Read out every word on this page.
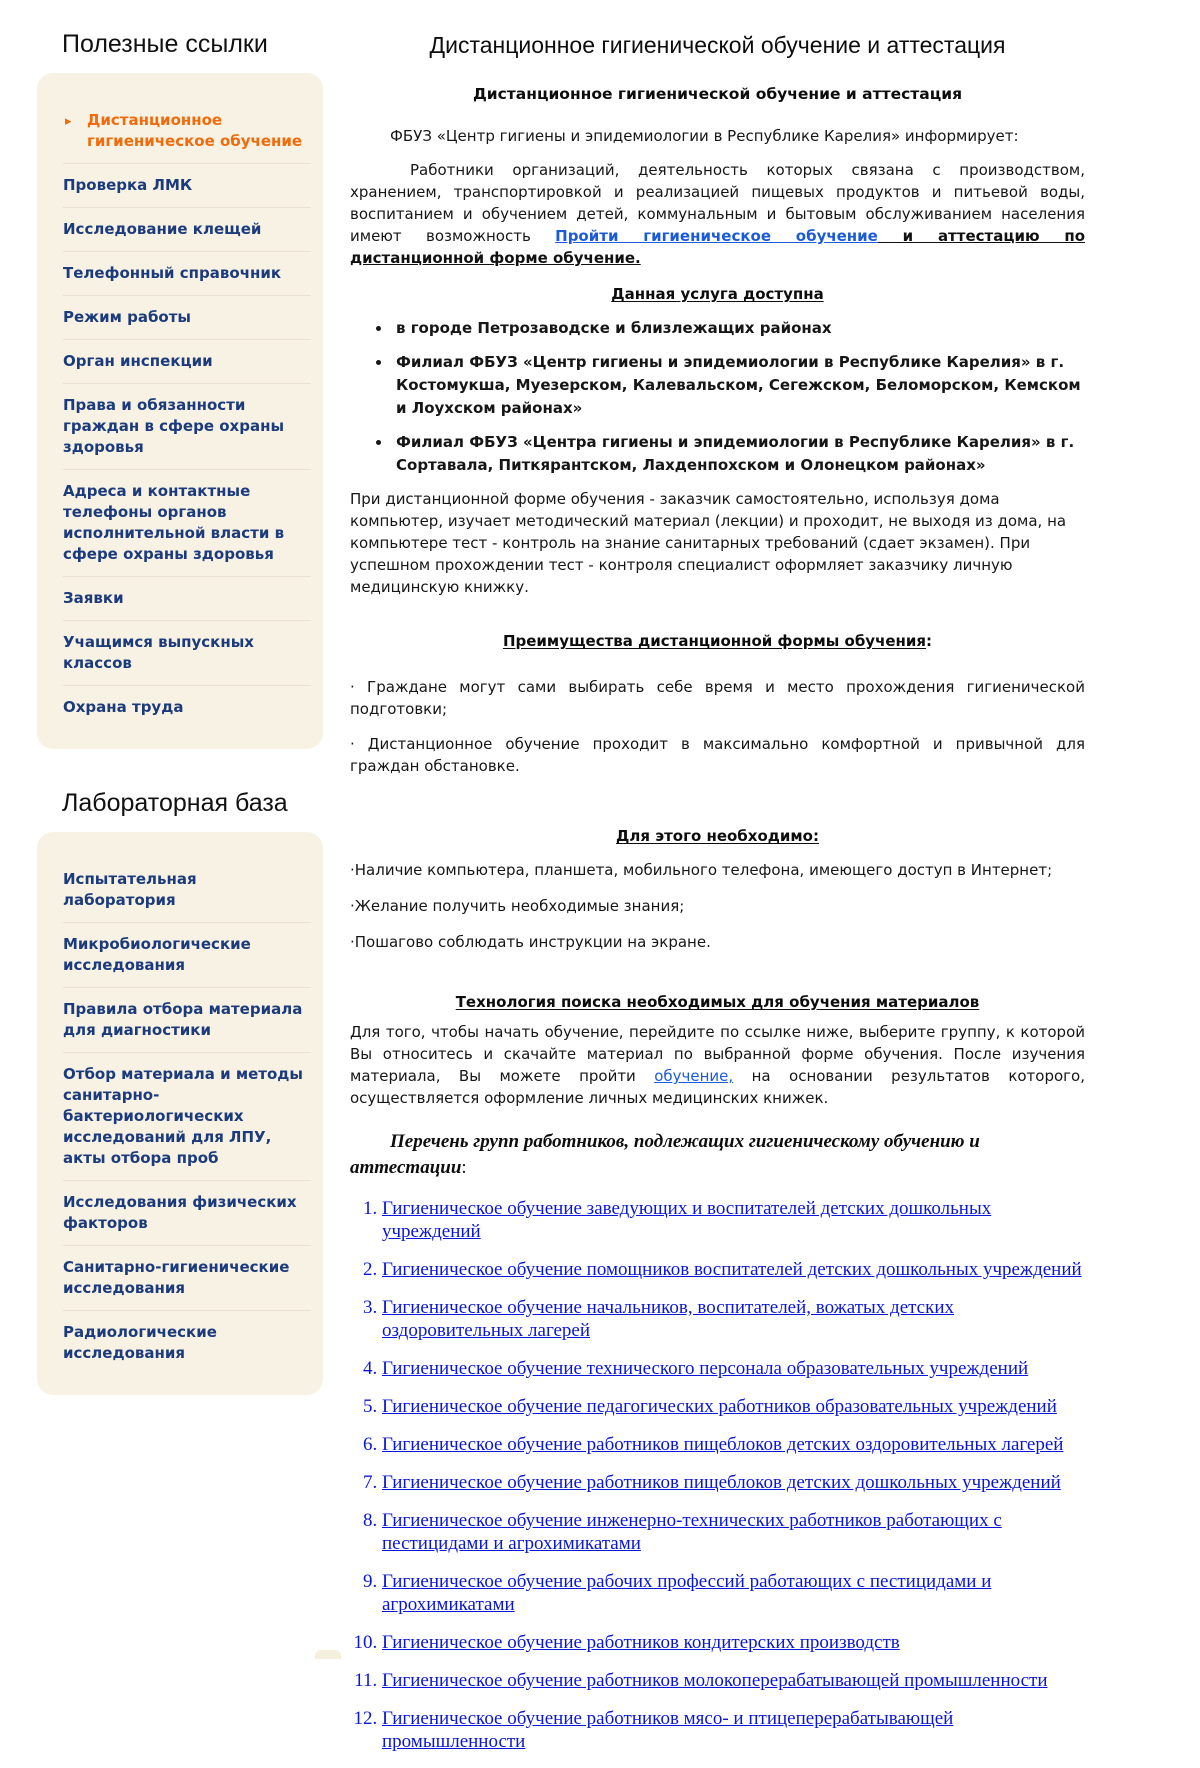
Полезные ссылки
▸ Дистанционное гигиеническое обучение
Проверка ЛМК
Исследование клещей
Телефонный справочник
Режим работы
Орган инспекции
Права и обязанности граждан в сфере охраны здоровья
Адреса и контактные телефоны органов исполнительной власти в сфере охраны здоровья
Заявки
Учащимся выпускных классов
Охрана труда
Лабораторная база
Испытательная лаборатория
Микробиологические исследования
Правила отбора материала для диагностики
Отбор материала и методы санитарно-бактериологических исследований для ЛПУ, акты отбора проб
Исследования физических факторов
Санитарно-гигиенические исследования
Радиологические исследования
Дистанционное гигиенической обучение и аттестация
Дистанционное гигиенической обучение и аттестация

ФБУЗ «Центр гигиены и эпидемиологии в Республике Карелия» информирует:

Работники организаций, деятельность которых связана с производством, хранением, транспортировкой и реализацией пищевых продуктов и питьевой воды, воспитанием и обучением детей, коммунальным и бытовым обслуживанием населения имеют возможность Пройти гигиеническое обучение и аттестацию по дистанционной форме обучение.

Данная услуга доступна
• в городе Петрозаводске и близлежащих районах
• Филиал ФБУЗ «Центр гигиены и эпидемиологии в Республике Карелия» в г. Костомукша, Муезерском, Калевальском, Сегежском, Беломорском, Кемском и Лоухском районах»
• Филиал ФБУЗ «Центра гигиены и эпидемиологии в Республике Карелия» в г. Сортавала, Питкярантском, Лахденпохском и Олонецком районах»

При дистанционной форме обучения - заказчик самостоятельно, используя дома компьютер, изучает методический материал (лекции) и проходит, не выходя из дома, на компьютере тест - контроль на знание санитарных требований (сдает экзамен). При успешном прохождении тест - контроля специалист оформляет заказчику личную медицинскую книжку.

Преимущества дистанционной формы обучения:

· Граждане могут сами выбирать себе время и место прохождения гигиенической подготовки;

· Дистанционное обучение проходит в максимально комфортной и привычной для граждан обстановке.

Для этого необходимо:

·Наличие компьютера, планшета, мобильного телефона, имеющего доступ в Интернет;

·Желание получить необходимые знания;

·Пошагово соблюдать инструкции на экране.

Технология поиска необходимых для обучения материалов

Для того, чтобы начать обучение, перейдите по ссылке ниже, выберите группу, к которой Вы относитесь и скачайте материал по выбранной форме обучения. После изучения материала, Вы можете пройти обучение, на основании результатов которого, осуществляется оформление личных медицинских книжек.

Перечень групп работников, подлежащих гигиеническому обучению и аттестации:
1. Гигиеническое обучение заведующих и воспитателей детских дошкольных учреждений
2. Гигиеническое обучение помощников воспитателей детских дошкольных учреждений
3. Гигиеническое обучение начальников, воспитателей, вожатых детских оздоровительных лагерей
4. Гигиеническое обучение технического персонала образовательных учреждений
5. Гигиеническое обучение педагогических работников образовательных учреждений
6. Гигиеническое обучение работников пищеблоков детских оздоровительных лагерей
7. Гигиеническое обучение работников пищеблоков детских дошкольных учреждений
8. Гигиеническое обучение инженерно-технических работников работающих с пестицидами и агрохимикатами
9. Гигиеническое обучение рабочих профессий работающих с пестицидами и агрохимикатами
10. Гигиеническое обучение работников кондитерских производств
11. Гигиеническое обучение работников молокоперерабатывающей промышленности
12. Гигиеническое обучение работников мясо- и птицеперерабатывающей промышленности
